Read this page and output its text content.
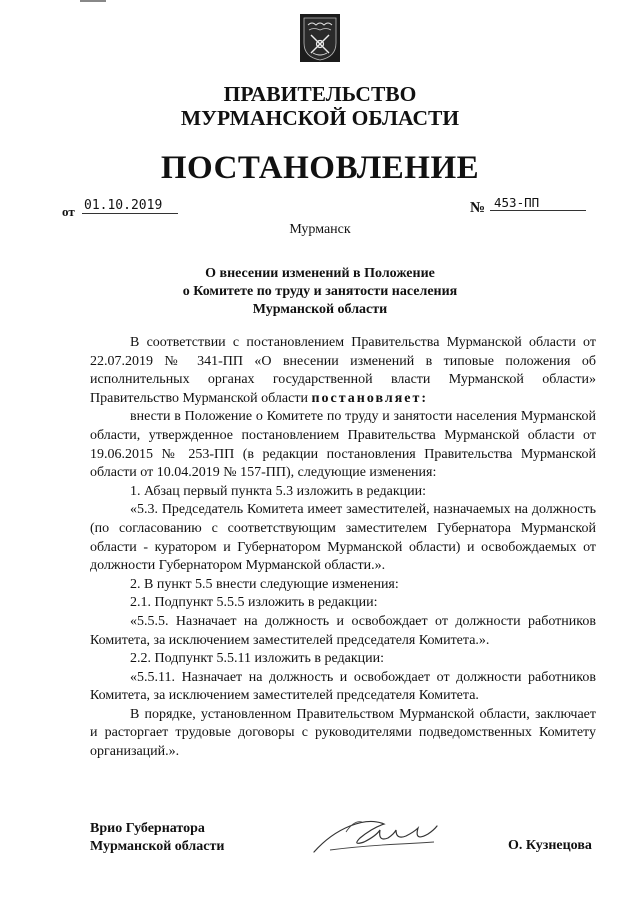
ПРАВИТЕЛЬСТВО
МУРМАНСКОЙ ОБЛАСТИ
ПОСТАНОВЛЕНИЕ
от 01.10.2019	№ 453-ПП
Мурманск
О внесении изменений в Положение
о Комитете по труду и занятости населения
Мурманской области

В соответствии с постановлением Правительства Мурманской области от 22.07.2019 № 341-ПП «О внесении изменений в типовые положения об исполнительных органах государственной власти Мурманской области» Правительство Мурманской области постановляет:

внести в Положение о Комитете по труду и занятости населения Мурманской области, утвержденное постановлением Правительства Мурманской области от 19.06.2015 № 253-ПП (в редакции постановления Правительства Мурманской области от 10.04.2019 № 157-ПП), следующие изменения:

1. Абзац первый пункта 5.3 изложить в редакции:

«5.3. Председатель Комитета имеет заместителей, назначаемых на должность (по согласованию с соответствующим заместителем Губернатора Мурманской области - куратором и Губернатором Мурманской области) и освобождаемых от должности Губернатором Мурманской области.».

2. В пункт 5.5 внести следующие изменения:

2.1. Подпункт 5.5.5 изложить в редакции:

«5.5.5. Назначает на должность и освобождает от должности работников Комитета, за исключением заместителей председателя Комитета.».

2.2. Подпункт 5.5.11 изложить в редакции:

«5.5.11. Назначает на должность и освобождает от должности работников Комитета, за исключением заместителей председателя Комитета.

В порядке, установленном Правительством Мурманской области, заключает и расторгает трудовые договоры с руководителями подведомственных Комитету организаций.».

Врио Губернатора
Мурманской области	О. Кузнецова
